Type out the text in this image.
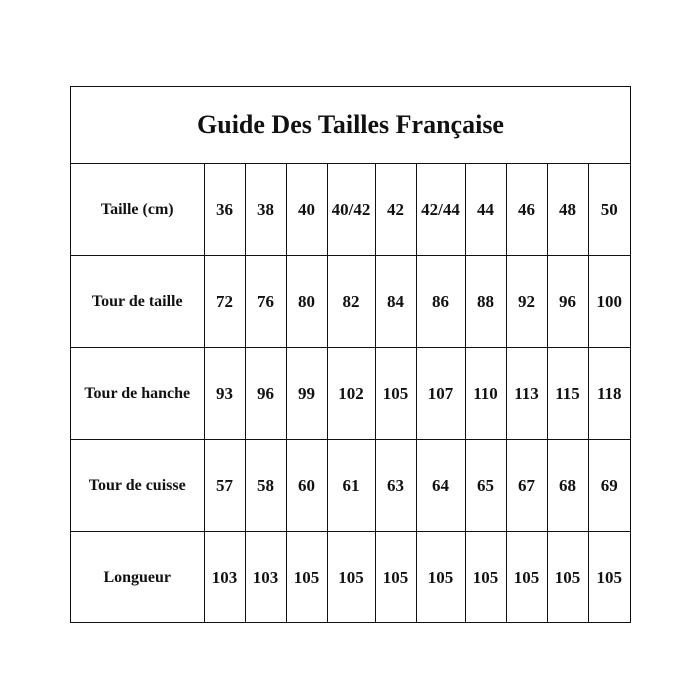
Guide Des Tailles Française
Taille (cm)	36	38	40	40/42	42	42/44	44	46	48	50
Tour de taille	72	76	80	82	84	86	88	92	96	100
Tour de hanche	93	96	99	102	105	107	110	113	115	118
Tour de cuisse	57	58	60	61	63	64	65	67	68	69
Longueur	103	103	105	105	105	105	105	105	105	105
